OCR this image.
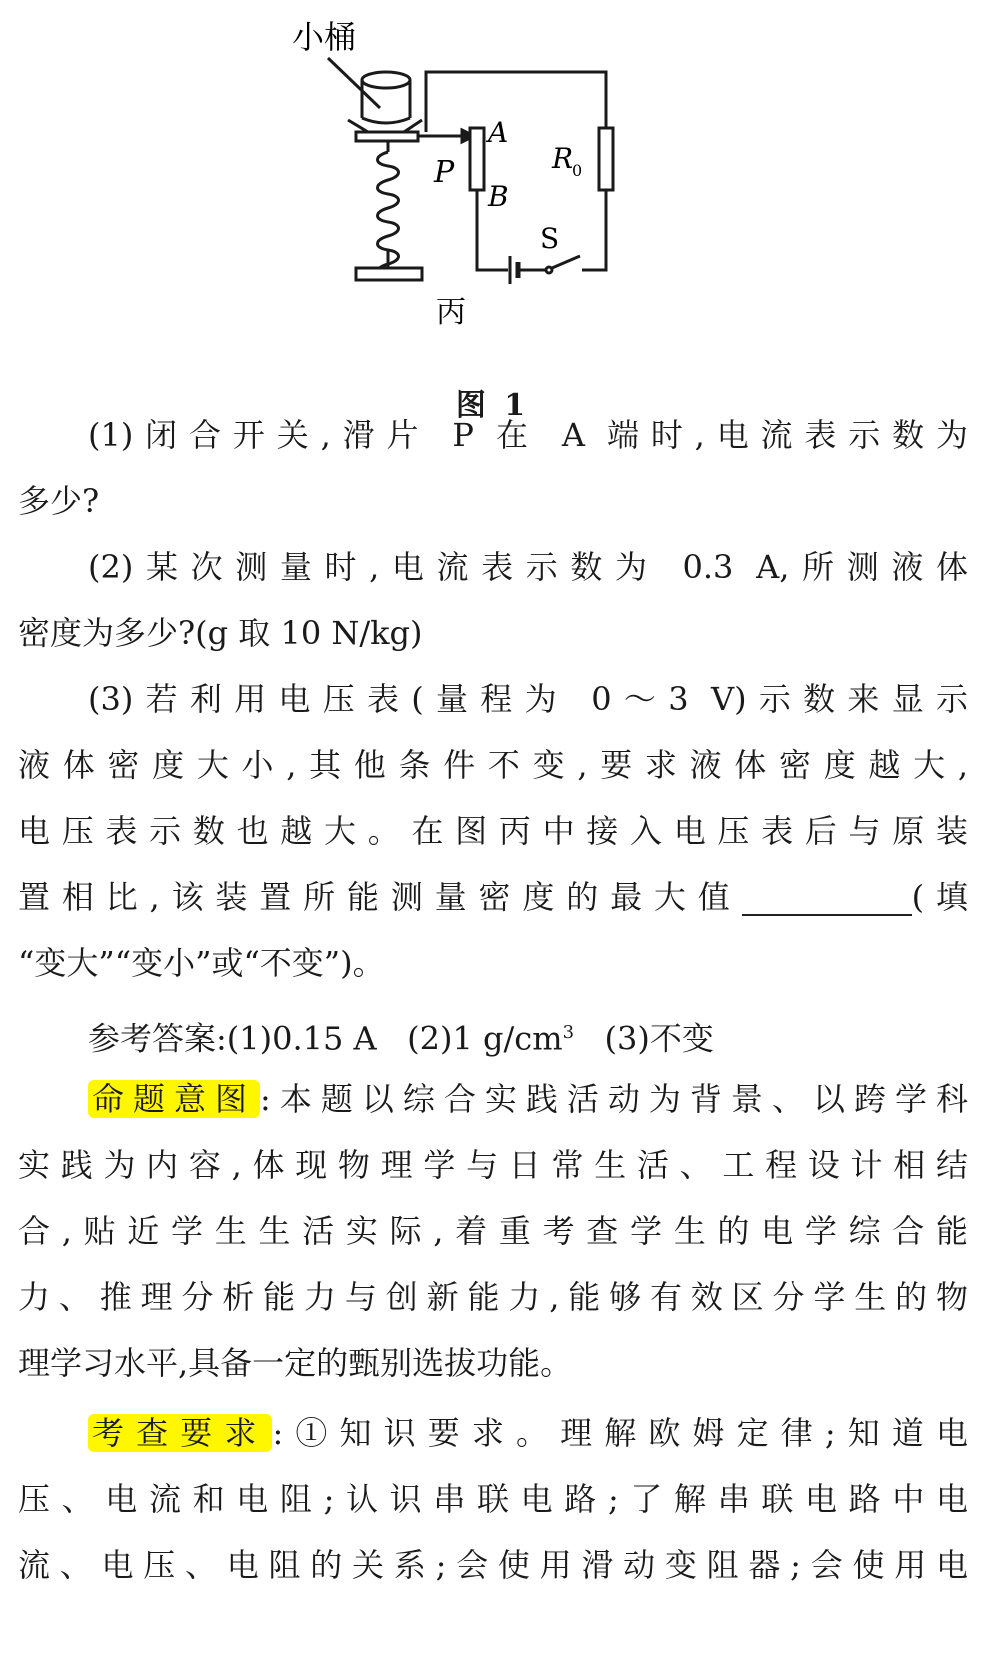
小桶
A
P
B
R
0
S
丙
图 1
(1)闭合开关,滑片 P 在 A 端时,电流表示数为
多少?
(2)某次测量时,电流表示数为 0.3 A,所测液体
密度为多少?(g 取 10 N/kg)
(3)若利用电压表(量程为 0～3 V)示数来显示
液体密度大小,其他条件不变,要求液体密度越大,
电压表示数也越大。在图丙中接入电压表后与原装
置相比,该装置所能测量密度的最大值	(填
“变大”“变小”或“不变”)。
参考答案:(1)0.15 A   (2)1 $g/cm^3$   (3)不变
命题意图 :本题以综合实践活动为背景、以跨学科
实践为内容,体现物理学与日常生活、工程设计相结
合,贴近学生生活实际,着重考查学生的电学综合能
力、推理分析能力与创新能力,能够有效区分学生的物
理学习水平,具备一定的甄别选拔功能。
考查要求 :①知识要求。理解欧姆定律;知道电
压、电流和电阻;认识串联电路;了解串联电路中电
流、电压、电阻的关系;会使用滑动变阻器;会使用电
